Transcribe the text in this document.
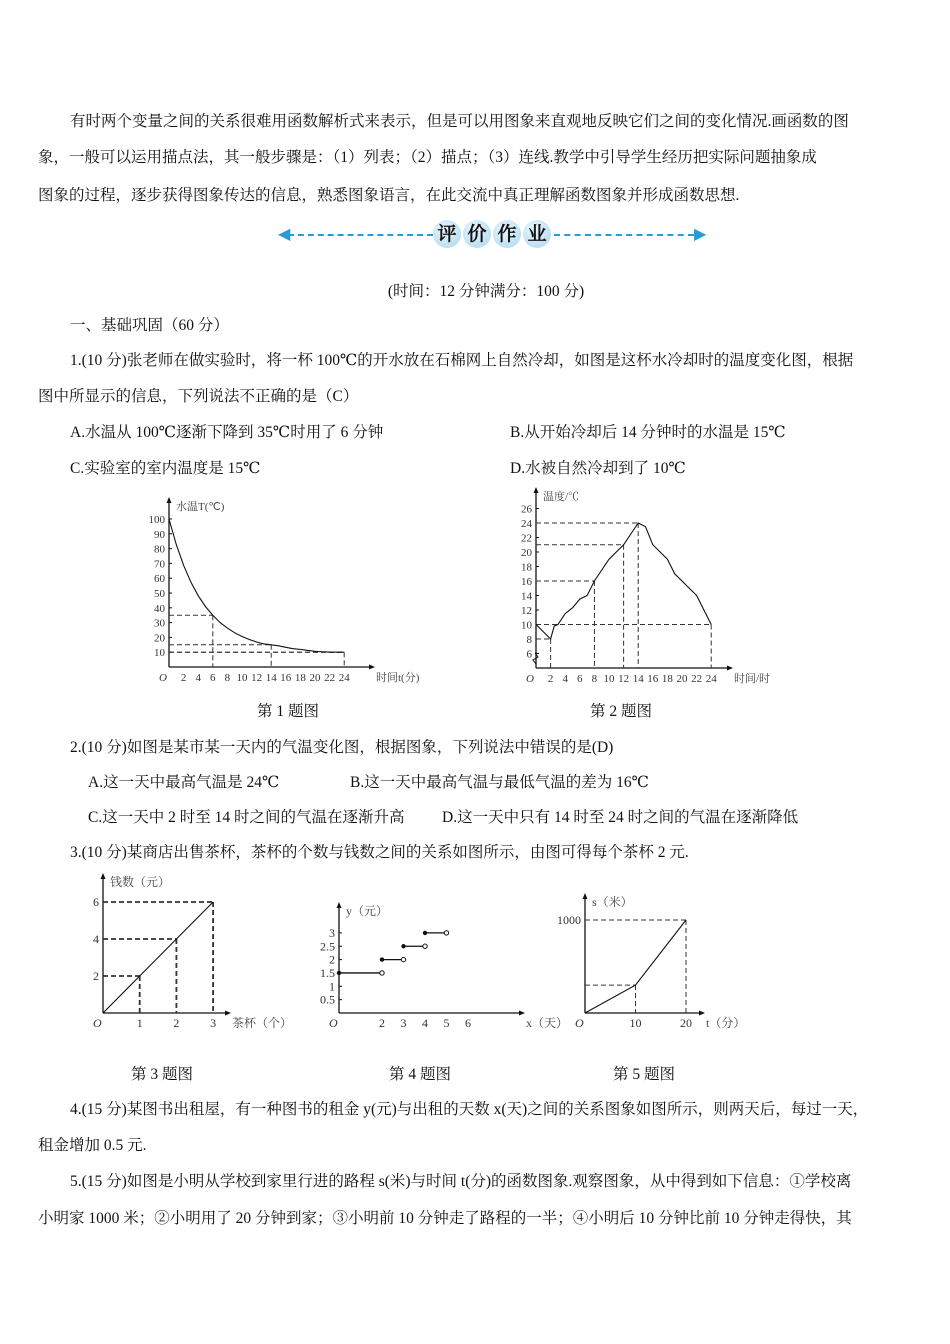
有时两个变量之间的关系很难用函数解析式来表示，但是可以用图象来直观地反映它们之间的变化情况.画函数的图
象，一般可以运用描点法，其一般步骤是：（1）列表；（2）描点；（3）连线.教学中引导学生经历把实际问题抽象成
图象的过程，逐步获得图象传达的信息，熟悉图象语言，在此交流中真正理解函数图象并形成函数思想.
◀	评 价 作 业	▶
(时间：12 分钟满分：100 分)
一、基础巩固（60 分）
1.(10 分)张老师在做实验时，将一杯 100℃的开水放在石棉网上自然冷却，如图是这杯水冷却时的温度变化图，根据
图中所显示的信息，下列说法不正确的是（C）
A.水温从 100℃逐渐下降到 35℃时用了 6 分钟	B.从开始冷却后 14 分钟时的水温是 15℃
C.实验室的室内温度是 15℃	D.水被自然冷却到了 10℃
O
水温T(℃)
时间t(分)
2 4 6 8 10 12 14 16 18 20 22 24
10
20
30
40
50
60
70
80
90
100
O
温度/℃
时间/时
2 4 6 8 10 12 14 16 18 20 22 24
6
8
10
12
14
16
18
20
22
24
26
O
钱数（元）
茶杯（个）
1	2	3
2
4
6
O
y（元）
x（天）
2 3 4 5 6
0.5
1
1.5
2
2.5
3
O
s（米）
t（分）
10	20
1000
第 1 题图	第 2 题图
2.(10 分)如图是某市某一天内的气温变化图，根据图象，下列说法中错误的是(D)
A.这一天中最高气温是 24℃	B.这一天中最高气温与最低气温的差为 16℃
C.这一天中 2 时至 14 时之间的气温在逐渐升高 D.这一天中只有 14 时至 24 时之间的气温在逐渐降低
3.(10 分)某商店出售茶杯，茶杯的个数与钱数之间的关系如图所示，由图可得每个茶杯 2 元.
第 3 题图	第 4 题图	第 5 题图
4.(15 分)某图书出租屋，有一种图书的租金 y(元)与出租的天数 x(天)之间的关系图象如图所示，则两天后，每过一天，
租金增加 0.5 元.
5.(15 分)如图是小明从学校到家里行进的路程 s(米)与时间 t(分)的函数图象.观察图象，从中得到如下信息：①学校离
小明家 1000 米；②小明用了 20 分钟到家；③小明前 10 分钟走了路程的一半；④小明后 10 分钟比前 10 分钟走得快，其
